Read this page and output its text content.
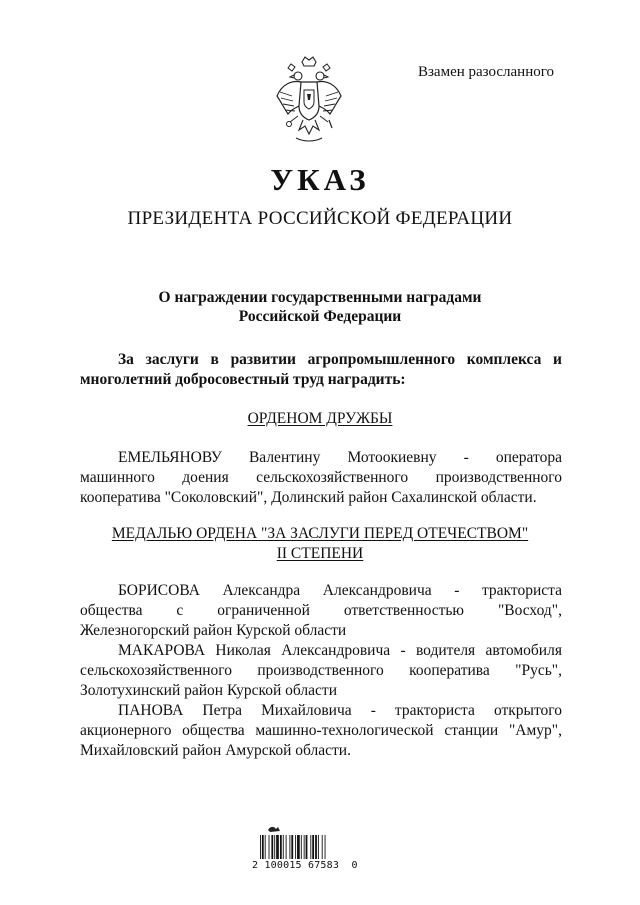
Взамен разосланного
УКАЗ
ПРЕЗИДЕНТА РОССИЙСКОЙ ФЕДЕРАЦИИ
О награждении государственными наградами
Российской Федерации
За заслуги в развитии агропромышленного комплекса и
многолетний добросовестный труд наградить:
ОРДЕНОМ ДРУЖБЫ
ЕМЕЛЬЯНОВУ Валентину Мотоокиевну - оператора
машинного доения сельскохозяйственного производственного
кооператива "Соколовский", Долинский район Сахалинской области.
МЕДАЛЬЮ ОРДЕНА "ЗА ЗАСЛУГИ ПЕРЕД ОТЕЧЕСТВОМ"
II СТЕПЕНИ
БОРИСОВА Александра Александровича - тракториста
общества с ограниченной ответственностью "Восход",
Железногорский район Курской области
МАКАРОВА Николая Александровича - водителя автомобиля
сельскохозяйственного производственного кооператива "Русь",
Золотухинский район Курской области
ПАНОВА Петра Михайловича - тракториста открытого
акционерного общества машинно-технологической станции "Амур",
Михайловский район Амурской области.
2 100015 67583  0
